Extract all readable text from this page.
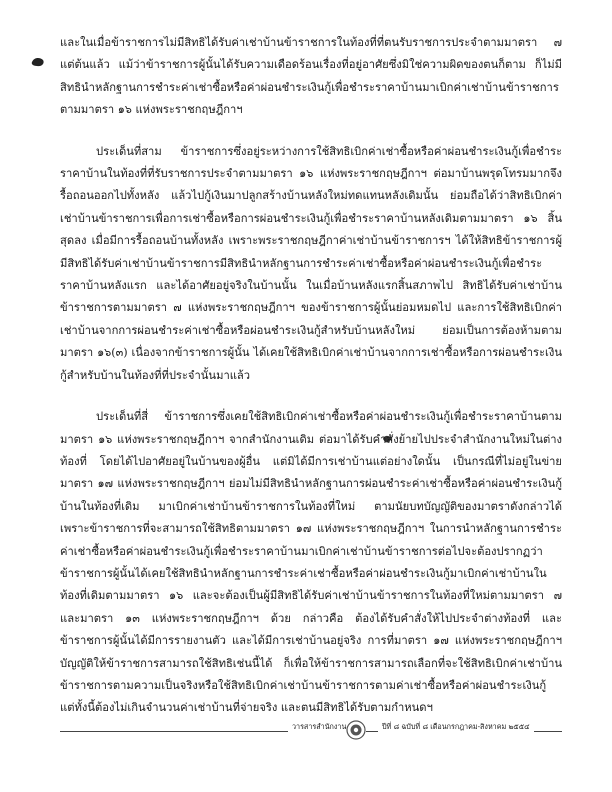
และในเมื่อข้าราชการไม่มีสิทธิได้รับค่าเช่าบ้านข้าราชการในท้องที่ที่ตนรับราชการประจำตามมาตรา ๗ แต่ต้นแล้ว แม้ว่าข้าราชการผู้นั้นได้รับความเดือดร้อนเรื่องที่อยู่อาศัยซึ่งมิใช่ความผิดของตนก็ตาม ก็ไม่มีสิทธินำหลักฐานการชำระค่าเช่าซื้อหรือค่าผ่อนชำระเงินกู้เพื่อชำระราคาบ้านมาเบิกค่าเช่าบ้านข้าราชการ ตามมาตรา ๑๖ แห่งพระราชกฤษฎีกาฯ

ประเด็นที่สาม ข้าราชการซึ่งอยู่ระหว่างการใช้สิทธิเบิกค่าเช่าซื้อหรือค่าผ่อนชำระเงินกู้เพื่อชำระราคาบ้านในท้องที่ที่รับราชการประจำตามมาตรา ๑๖ แห่งพระราชกฤษฎีกาฯ ต่อมาบ้านพรุดโทรมมากจึงรื้อถอนออกไปทั้งหลัง แล้วไปกู้เงินมาปลูกสร้างบ้านหลังใหม่ทดแทนหลังเดิมนั้น ย่อมถือได้ว่าสิทธิเบิกค่าเช่าบ้านข้าราชการเพื่อการเช่าซื้อหรือการผ่อนชำระเงินกู้เพื่อชำระราคาบ้านหลังเดิมตามมาตรา ๑๖ สิ้นสุดลง เมื่อมีการรื้อถอนบ้านทั้งหลัง เพราะพระราชกฤษฎีกาค่าเช่าบ้านข้าราชการฯ ได้ให้สิทธิข้าราชการผู้มีสิทธิได้รับค่าเช่าบ้านข้าราชการมีสิทธินำหลักฐานการชำระค่าเช่าซื้อหรือค่าผ่อนชำระเงินกู้เพื่อชำระราคาบ้านหลังแรก และได้อาศัยอยู่จริงในบ้านนั้น ในเมื่อบ้านหลังแรกสิ้นสภาพไป สิทธิได้รับค่าเช่าบ้านข้าราชการตามมาตรา ๗ แห่งพระราชกฤษฎีกาฯ ของข้าราชการผู้นั้นย่อมหมดไป และการใช้สิทธิเบิกค่าเช่าบ้านจากการผ่อนชำระค่าเช่าซื้อหรือผ่อนชำระเงินกู้สำหรับบ้านหลังใหม่ ย่อมเป็นการต้องห้ามตามมาตรา ๑๖(๓) เนื่องจากข้าราชการผู้นั้น ได้เคยใช้สิทธิเบิกค่าเช่าบ้านจากการเช่าซื้อหรือการผ่อนชำระเงินกู้สำหรับบ้านในท้องที่ที่ประจำนั้นมาแล้ว

ประเด็นที่สี่ ข้าราชการซึ่งเคยใช้สิทธิเบิกค่าเช่าซื้อหรือค่าผ่อนชำระเงินกู้เพื่อชำระราคาบ้านตามมาตรา ๑๖ แห่งพระราชกฤษฎีกาฯ จากสำนักงานเดิม ต่อมาได้รับคำสั่งย้ายไปประจำสำนักงานใหม่ในต่างท้องที่ โดยได้ไปอาศัยอยู่ในบ้านของผู้อื่น แต่มิได้มีการเช่าบ้านแต่อย่างใดนั้น เป็นกรณีที่ไม่อยู่ในข่ายมาตรา ๑๗ แห่งพระราชกฤษฎีกาฯ ย่อมไม่มีสิทธินำหลักฐานการผ่อนชำระค่าเช่าซื้อหรือค่าผ่อนชำระเงินกู้บ้านในท้องที่เดิม มาเบิกค่าเช่าบ้านข้าราชการในท้องที่ใหม่ ตามนัยบทบัญญัติของมาตราดังกล่าวได้ เพราะข้าราชการที่จะสามารถใช้สิทธิตามมาตรา ๑๗ แห่งพระราชกฤษฎีกาฯ ในการนำหลักฐานการชำระค่าเช่าซื้อหรือค่าผ่อนชำระเงินกู้เพื่อชำระราคาบ้านมาเบิกค่าเช่าบ้านข้าราชการต่อไปจะต้องปรากฏว่าข้าราชการผู้นั้นได้เคยใช้สิทธินำหลักฐานการชำระค่าเช่าซื้อหรือค่าผ่อนชำระเงินกู้มาเบิกค่าเช่าบ้านในท้องที่เดิมตามมาตรา ๑๖ และจะต้องเป็นผู้มีสิทธิได้รับค่าเช่าบ้านข้าราชการในท้องที่ใหม่ตามมาตรา ๗ และมาตรา ๑๓ แห่งพระราชกฤษฎีกาฯ ด้วย กล่าวคือ ต้องได้รับคำสั่งให้ไปประจำต่างท้องที่ และข้าราชการผู้นั้นได้มีการรายงานตัว และได้มีการเช่าบ้านอยู่จริง การที่มาตรา ๑๗ แห่งพระราชกฤษฎีกาฯ บัญญัติให้ข้าราชการสามารถใช้สิทธิเช่นนี้ได้ ก็เพื่อให้ข้าราชการสามารถเลือกที่จะใช้สิทธิเบิกค่าเช่าบ้านข้าราชการตามความเป็นจริงหรือใช้สิทธิเบิกค่าเช่าบ้านข้าราชการตามค่าเช่าซื้อหรือค่าผ่อนชำระเงินกู้ แต่ทั้งนี้ต้องไม่เกินจำนวนค่าเช่าบ้านที่จ่ายจริง และตนมีสิทธิได้รับตามกำหนดฯ

วารสารสำนักงาน	ปีที่ ๘ ฉบับที่ ๘ เดือนกรกฎาคม-สิงหาคม ๒๕๕๔
